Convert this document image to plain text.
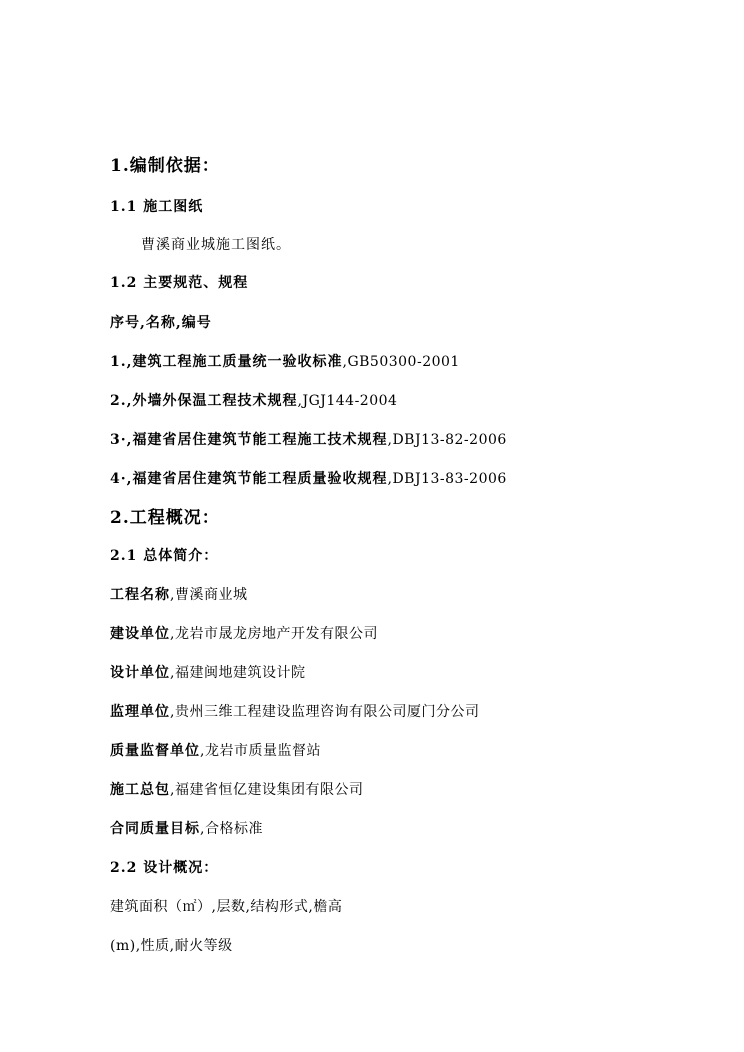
1.编制依据：
1.1 施工图纸
曹溪商业城施工图纸。
1.2 主要规范、规程
序号,名称,编号
1.,建筑工程施工质量统一验收标准,GB50300-2001
2.,外墙外保温工程技术规程,JGJ144-2004
3·,福建省居住建筑节能工程施工技术规程,DBJ13-82-2006
4·,福建省居住建筑节能工程质量验收规程,DBJ13-83-2006
2.工程概况：
2.1 总体简介：
工程名称,曹溪商业城
建设单位,龙岩市晟龙房地产开发有限公司
设计单位,福建闽地建筑设计院
监理单位,贵州三维工程建设监理咨询有限公司厦门分公司
质量监督单位,龙岩市质量监督站
施工总包,福建省恒亿建设集团有限公司
合同质量目标,合格标准
2.2 设计概况：
建筑面积（㎡）,层数,结构形式,檐高
(m),性质,耐火等级
